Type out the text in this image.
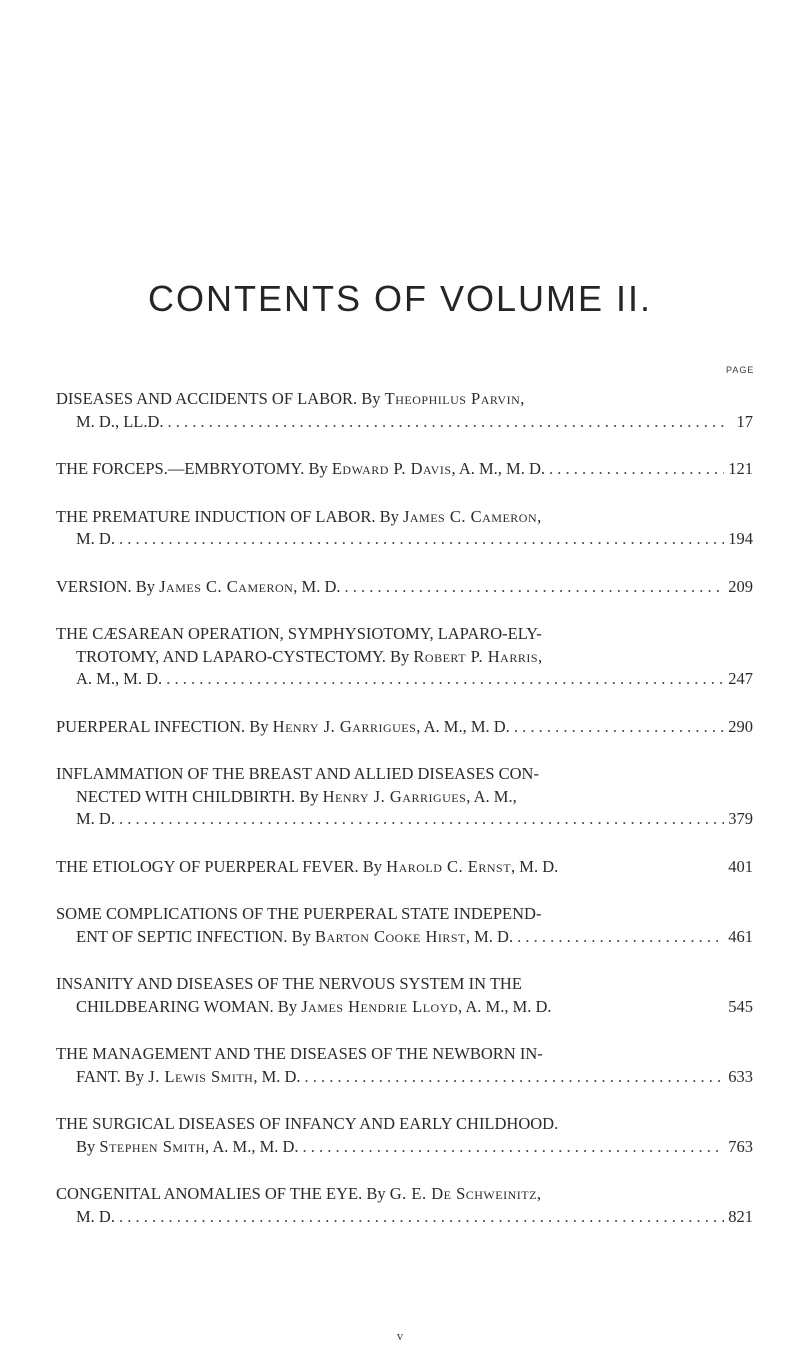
CONTENTS OF VOLUME II.
PAGE
DISEASES AND ACCIDENTS OF LABOR. By Theophilus Parvin,
M. D., LL.D. . . .	17
THE FORCEPS.—EMBRYOTOMY. By Edward P. Davis, A. M., M. D. . . .	121
THE PREMATURE INDUCTION OF LABOR. By James C. Cameron,
M. D. . . .	194
VERSION. By James C. Cameron, M. D. . . .	209
THE CÆSAREAN OPERATION, SYMPHYSIOTOMY, LAPARO-ELY-
TROTOMY, AND LAPARO-CYSTECTOMY. By Robert P. Harris,
A. M., M. D. . . .	247
PUERPERAL INFECTION. By Henry J. Garrigues, A. M., M. D. . . .	290
INFLAMMATION OF THE BREAST AND ALLIED DISEASES CON-
NECTED WITH CHILDBIRTH. By Henry J. Garrigues, A. M.,
M. D. . . .	379
THE ETIOLOGY OF PUERPERAL FEVER. By Harold C. Ernst, M. D.	401
SOME COMPLICATIONS OF THE PUERPERAL STATE INDEPEND-
ENT OF SEPTIC INFECTION. By Barton Cooke Hirst, M. D. . . .	461
INSANITY AND DISEASES OF THE NERVOUS SYSTEM IN THE
CHILDBEARING WOMAN. By James Hendrie Lloyd, A. M., M. D.	545
THE MANAGEMENT AND THE DISEASES OF THE NEWBORN IN-
FANT. By J. Lewis Smith, M. D. . . .	633
THE SURGICAL DISEASES OF INFANCY AND EARLY CHILDHOOD.
By Stephen Smith, A. M., M. D. . . .	763
CONGENITAL ANOMALIES OF THE EYE. By G. E. De Schweinitz,
M. D. . . .	821
v
